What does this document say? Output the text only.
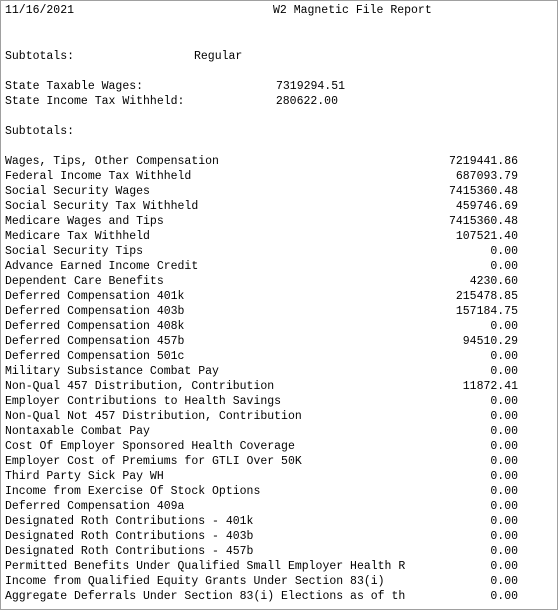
11/16/2021	W2 Magnetic File Report
Subtotals:	Regular
State Taxable Wages:	7319294.51
State Income Tax Withheld:	280622.00
Subtotals:
Wages, Tips, Other Compensation	7219441.86
Federal Income Tax Withheld	687093.79
Social Security Wages	7415360.48
Social Security Tax Withheld	459746.69
Medicare Wages and Tips	7415360.48
Medicare Tax Withheld	107521.40
Social Security Tips	0.00
Advance Earned Income Credit	0.00
Dependent Care Benefits	4230.60
Deferred Compensation 401k	215478.85
Deferred Compensation 403b	157184.75
Deferred Compensation 408k	0.00
Deferred Compensation 457b	94510.29
Deferred Compensation 501c	0.00
Military Subsistance Combat Pay	0.00
Non-Qual 457 Distribution, Contribution	11872.41
Employer Contributions to Health Savings	0.00
Non-Qual Not 457 Distribution, Contribution	0.00
Nontaxable Combat Pay	0.00
Cost Of Employer Sponsored Health Coverage	0.00
Employer Cost of Premiums for GTLI Over 50K	0.00
Third Party Sick Pay WH	0.00
Income from Exercise Of Stock Options	0.00
Deferred Compensation 409a	0.00
Designated Roth Contributions - 401k	0.00
Designated Roth Contributions - 403b	0.00
Designated Roth Contributions - 457b	0.00
Permitted Benefits Under Qualified Small Employer Health R	0.00
Income from Qualified Equity Grants Under Section 83(i)	0.00
Aggregate Deferrals Under Section 83(i) Elections as of th	0.00
